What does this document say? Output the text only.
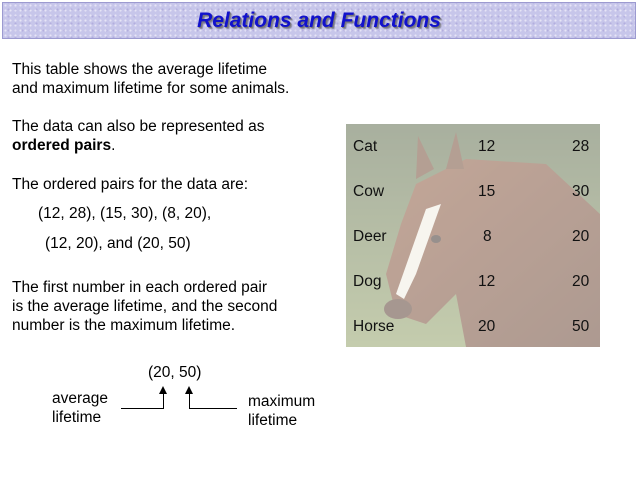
Relations and Functions
This table shows the average lifetime
and maximum lifetime for some animals.
The data can also be represented as
ordered pairs.
The ordered pairs for the data are:
(12, 28), (15, 30), (8, 20),
(12, 20), and (20, 50)
The first number in each ordered pair
is the average lifetime, and the second
number is the maximum lifetime.
Cat	12	28
Cow	15	30
Deer	8	20
Dog	12	20
Horse	20	50
(20, 50)
average
lifetime
maximum
lifetime
